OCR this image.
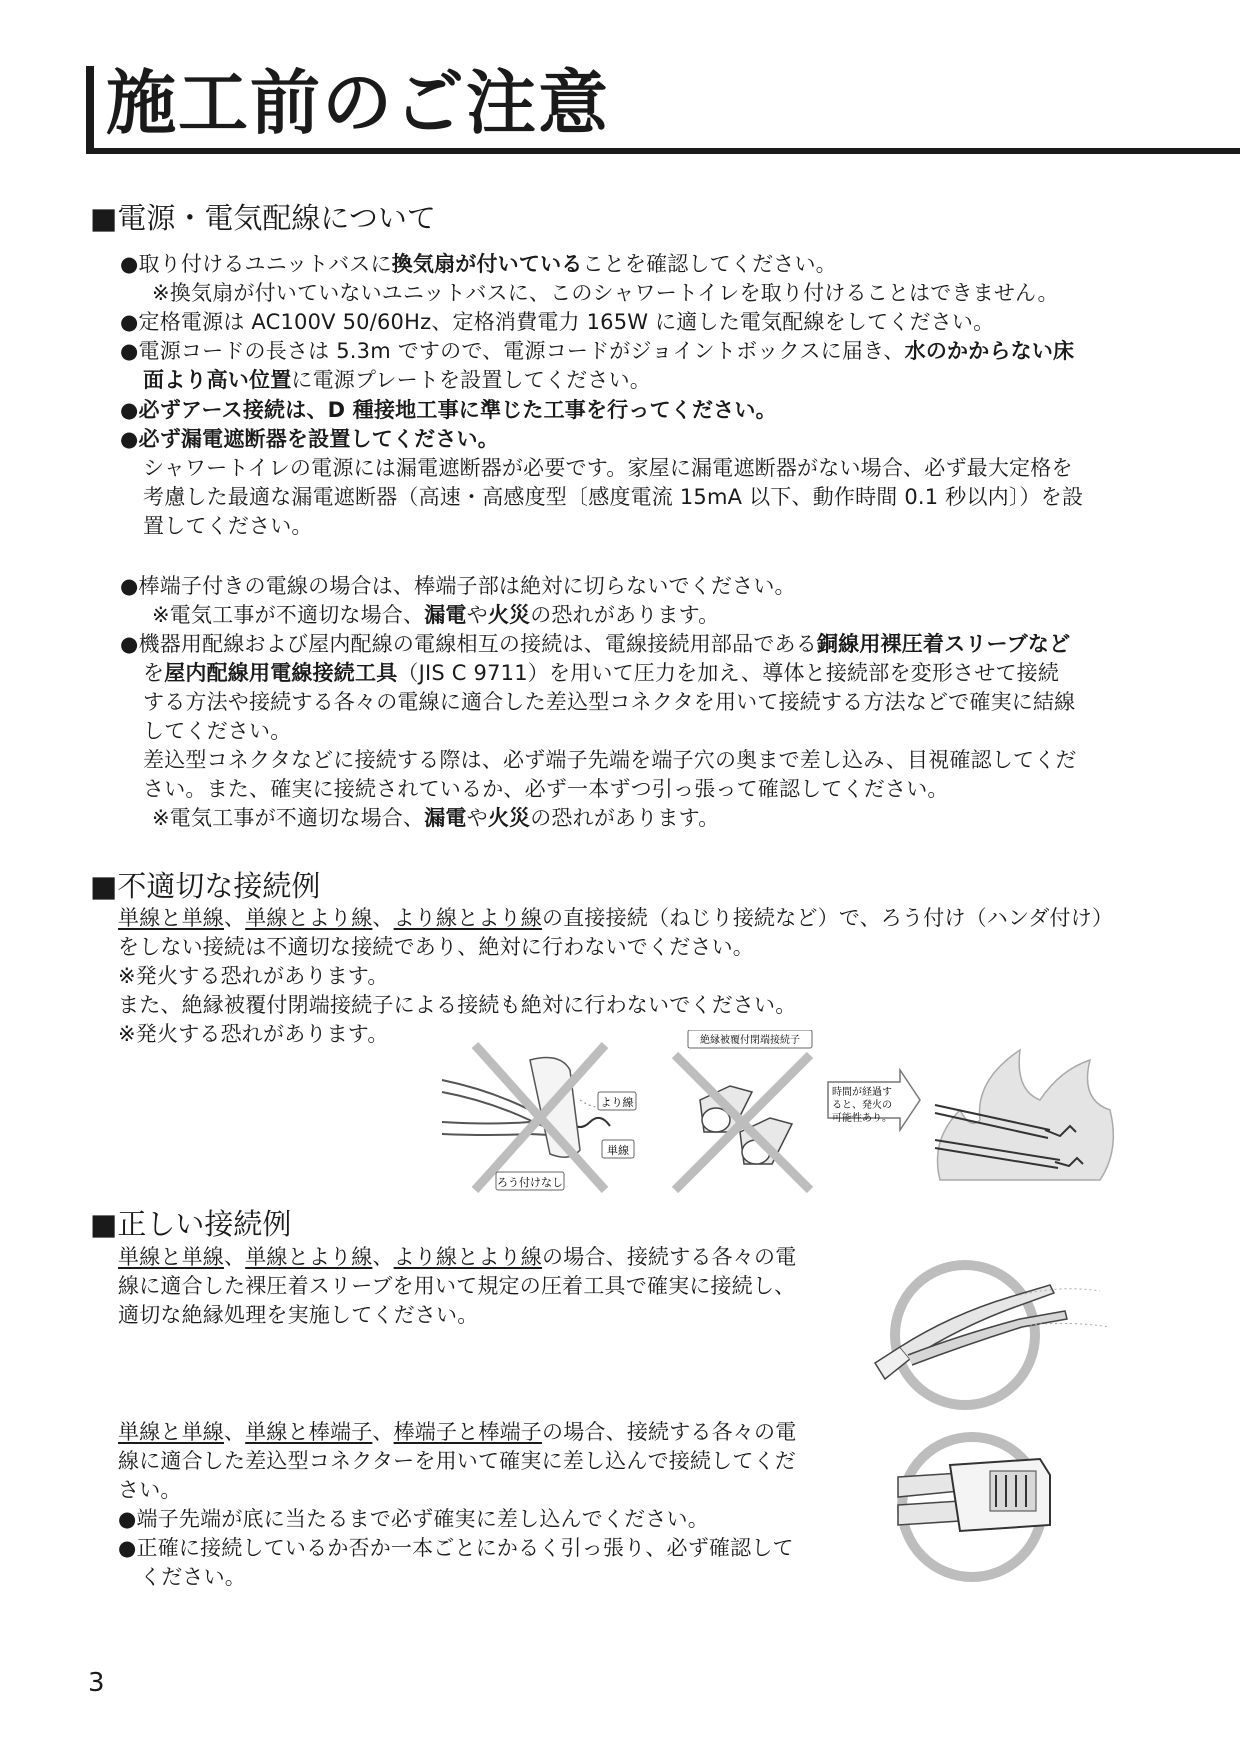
施工前のご注意
■電源・電気配線について
●取り付けるユニットバスに換気扇が付いていることを確認してください。
※換気扇が付いていないユニットバスに、このシャワートイレを取り付けることはできません。
●定格電源は AC100V 50/60Hz、定格消費電力 165W に適した電気配線をしてください。
●電源コードの長さは 5.3m ですので、電源コードがジョイントボックスに届き、水のかからない床
面より高い位置に電源プレートを設置してください。
●必ずアース接続は、D 種接地工事に準じた工事を行ってください。
●必ず漏電遮断器を設置してください。
シャワートイレの電源には漏電遮断器が必要です。家屋に漏電遮断器がない場合、必ず最大定格を
考慮した最適な漏電遮断器（高速・高感度型〔感度電流 15mA 以下、動作時間 0.1 秒以内〕）を設
置してください。
●棒端子付きの電線の場合は、棒端子部は絶対に切らないでください。
※電気工事が不適切な場合、漏電や火災の恐れがあります。
●機器用配線および屋内配線の電線相互の接続は、電線接続用部品である銅線用裸圧着スリーブなど
を屋内配線用電線接続工具（JIS C 9711）を用いて圧力を加え、導体と接続部を変形させて接続
する方法や接続する各々の電線に適合した差込型コネクタを用いて接続する方法などで確実に結線
してください。
差込型コネクタなどに接続する際は、必ず端子先端を端子穴の奥まで差し込み、目視確認してくだ
さい。また、確実に接続されているか、必ず一本ずつ引っ張って確認してください。
※電気工事が不適切な場合、漏電や火災の恐れがあります。
■不適切な接続例
単線と単線、単線とより線、より線とより線の直接接続（ねじり接続など）で、ろう付け（ハンダ付け）
をしない接続は不適切な接続であり、絶対に行わないでください。
※発火する恐れがあります。
また、絶縁被覆付閉端接続子による接続も絶対に行わないでください。
※発火する恐れがあります。
より線
単線
ろう付けなし
絶縁被覆付閉端接続子
時間が経過す
ると、発火の
可能性あり。
■正しい接続例
単線と単線、単線とより線、より線とより線の場合、接続する各々の電
線に適合した裸圧着スリーブを用いて規定の圧着工具で確実に接続し、
適切な絶縁処理を実施してください。
単線と単線、単線と棒端子、棒端子と棒端子の場合、接続する各々の電
線に適合した差込型コネクターを用いて確実に差し込んで接続してくだ
さい。
●端子先端が底に当たるまで必ず確実に差し込んでください。
●正確に接続しているか否か一本ごとにかるく引っ張り、必ず確認して
ください。
3
